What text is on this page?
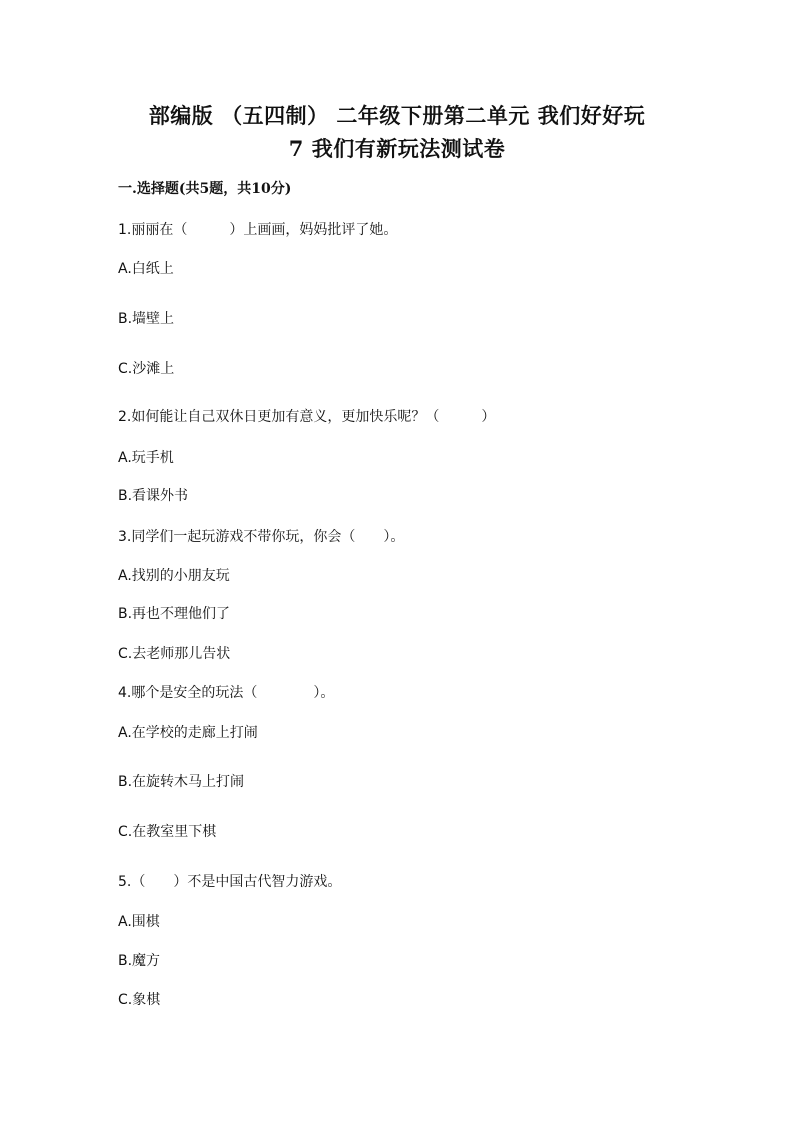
部编版 （五四制） 二年级下册第二单元 我们好好玩
7 我们有新玩法测试卷
一.选择题(共5题，共10分)
1.丽丽在（　　　）上画画，妈妈批评了她。
A.白纸上
B.墙壁上
C.沙滩上
2.如何能让自己双休日更加有意义，更加快乐呢？（　　　）
A.玩手机
B.看课外书
3.同学们一起玩游戏不带你玩，你会（　　）。
A.找别的小朋友玩
B.再也不理他们了
C.去老师那儿告状
4.哪个是安全的玩法（　　　　）。
A.在学校的走廊上打闹
B.在旋转木马上打闹
C.在教室里下棋
5.（　　）不是中国古代智力游戏。
A.围棋
B.魔方
C.象棋
